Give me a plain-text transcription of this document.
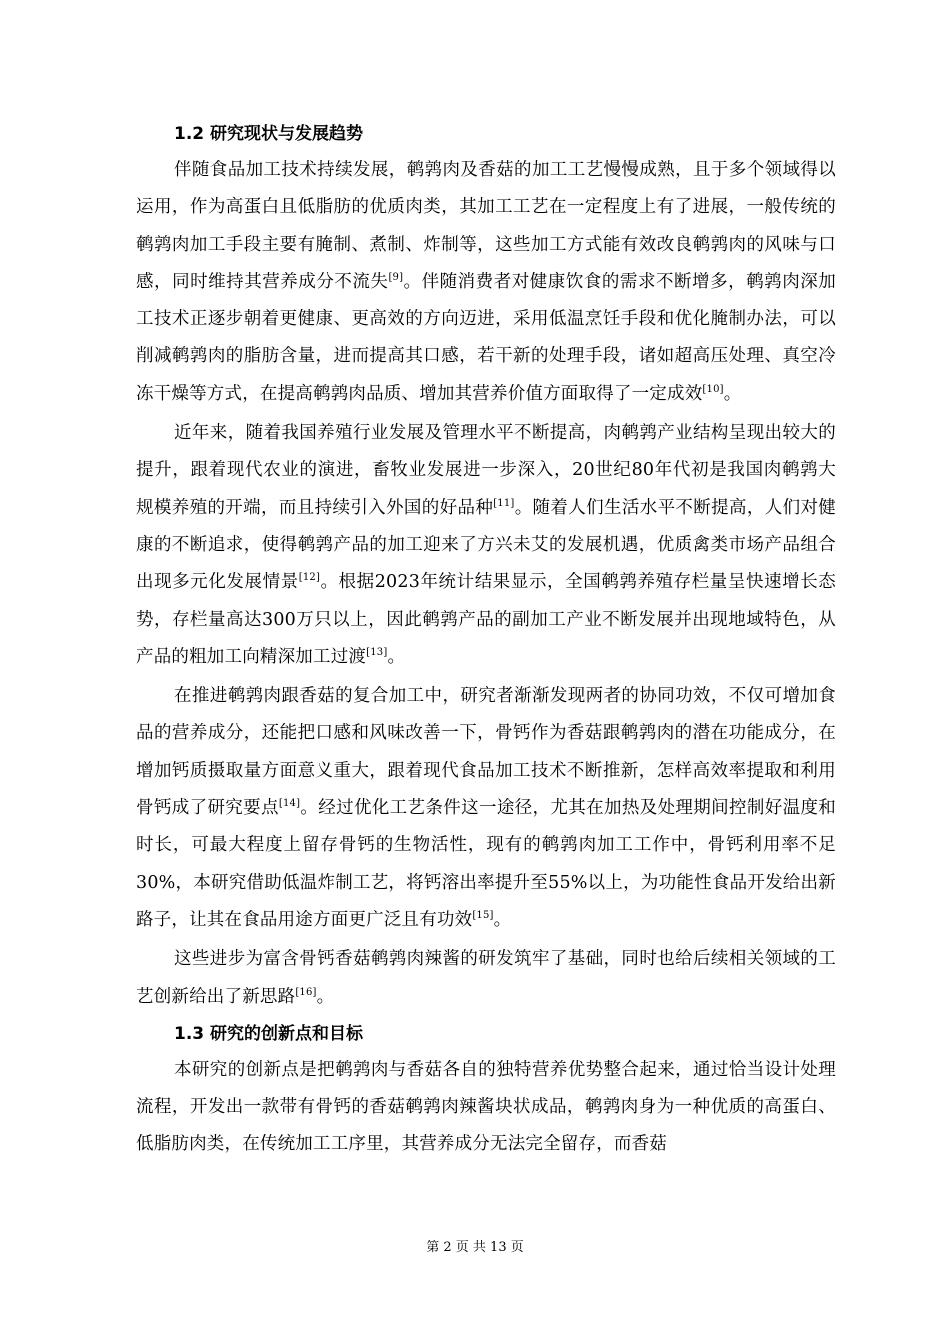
1.2 研究现状与发展趋势

伴随食品加工技术持续发展，鹌鹑肉及香菇的加工工艺慢慢成熟，且于多个领域得以运用，作为高蛋白且低脂肪的优质肉类，其加工工艺在一定程度上有了进展，一般传统的鹌鹑肉加工手段主要有腌制、煮制、炸制等，这些加工方式能有效改良鹌鹑肉的风味与口感，同时维持其营养成分不流失[9]。伴随消费者对健康饮食的需求不断增多，鹌鹑肉深加工技术正逐步朝着更健康、更高效的方向迈进，采用低温烹饪手段和优化腌制办法，可以削减鹌鹑肉的脂肪含量，进而提高其口感，若干新的处理手段，诸如超高压处理、真空冷冻干燥等方式，在提高鹌鹑肉品质、增加其营养价值方面取得了一定成效[10]。

近年来，随着我国养殖行业发展及管理水平不断提高，肉鹌鹑产业结构呈现出较大的提升，跟着现代农业的演进，畜牧业发展进一步深入，20世纪80年代初是我国肉鹌鹑大规模养殖的开端，而且持续引入外国的好品种[11]。随着人们生活水平不断提高，人们对健康的不断追求，使得鹌鹑产品的加工迎来了方兴未艾的发展机遇，优质禽类市场产品组合出现多元化发展情景[12]。根据2023年统计结果显示，全国鹌鹑养殖存栏量呈快速增长态势，存栏量高达300万只以上，因此鹌鹑产品的副加工产业不断发展并出现地域特色，从产品的粗加工向精深加工过渡[13]。

在推进鹌鹑肉跟香菇的复合加工中，研究者渐渐发现两者的协同功效，不仅可增加食品的营养成分，还能把口感和风味改善一下，骨钙作为香菇跟鹌鹑肉的潜在功能成分，在增加钙质摄取量方面意义重大，跟着现代食品加工技术不断推新，怎样高效率提取和利用骨钙成了研究要点[14]。经过优化工艺条件这一途径，尤其在加热及处理期间控制好温度和时长，可最大程度上留存骨钙的生物活性，现有的鹌鹑肉加工工作中，骨钙利用率不足30%，本研究借助低温炸制工艺，将钙溶出率提升至55%以上，为功能性食品开发给出新路子，让其在食品用途方面更广泛且有功效[15]。

这些进步为富含骨钙香菇鹌鹑肉辣酱的研发筑牢了基础，同时也给后续相关领域的工艺创新给出了新思路[16]。

1.3 研究的创新点和目标

本研究的创新点是把鹌鹑肉与香菇各自的独特营养优势整合起来，通过恰当设计处理流程，开发出一款带有骨钙的香菇鹌鹑肉辣酱块状成品，鹌鹑肉身为一种优质的高蛋白、低脂肪肉类，在传统加工工序里，其营养成分无法完全留存，而香菇

第 2 页 共 13 页
